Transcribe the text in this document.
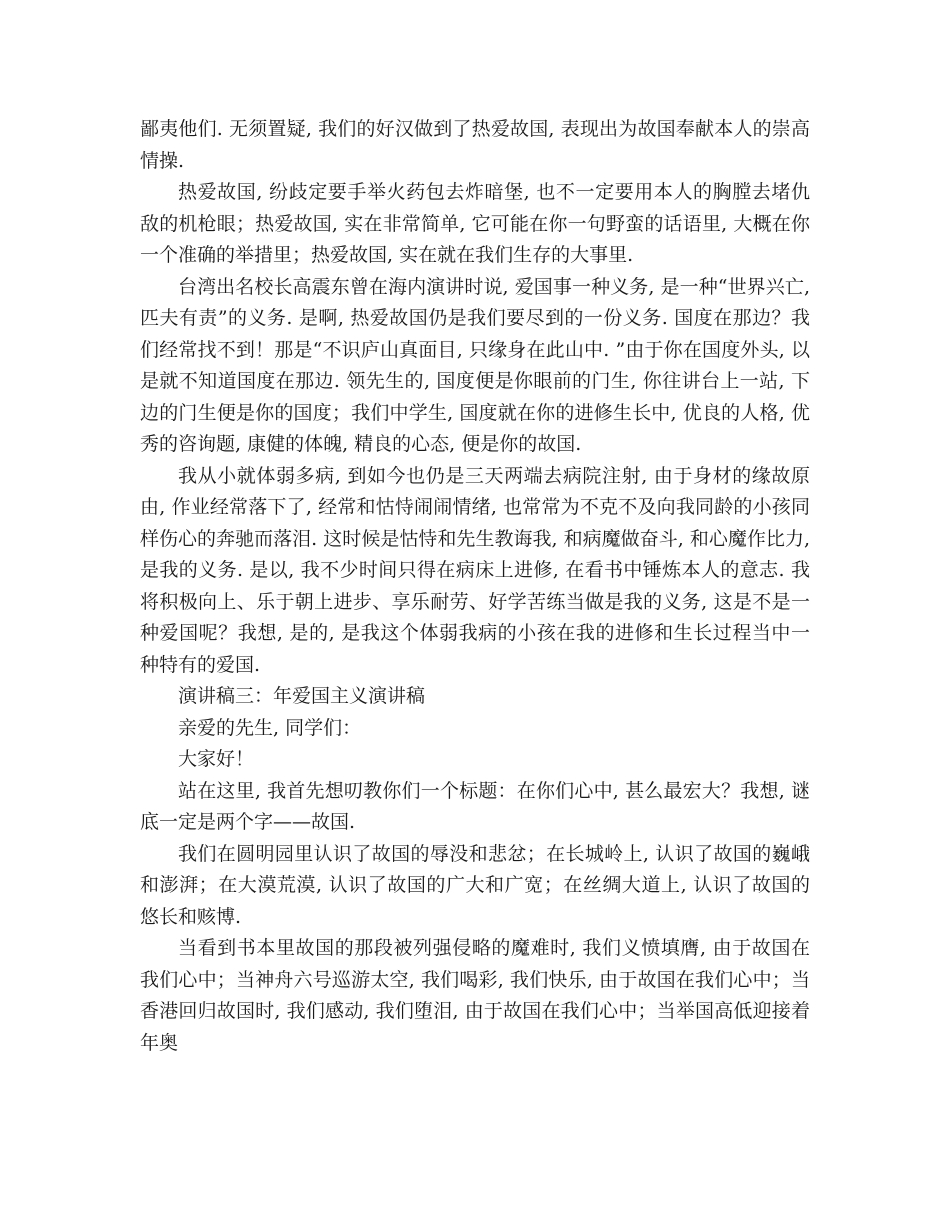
鄙夷他们. 无须置疑, 我们的好汉做到了热爱故国, 表现出为故国奉献本人的崇高情操.

热爱故国, 纷歧定要手举火药包去炸暗堡, 也不一定要用本人的胸膛去堵仇敌的机枪眼；热爱故国, 实在非常简单, 它可能在你一句野蛮的话语里, 大概在你一个准确的举措里；热爱故国, 实在就在我们生存的大事里.

台湾出名校长高震东曾在海内演讲时说, 爱国事一种义务, 是一种“世界兴亡, 匹夫有责”的义务. 是啊, 热爱故国仍是我们要尽到的一份义务. 国度在那边？我们经常找不到！那是“不识庐山真面目, 只缘身在此山中. ”由于你在国度外头, 以是就不知道国度在那边. 领先生的, 国度便是你眼前的门生, 你往讲台上一站, 下边的门生便是你的国度；我们中学生, 国度就在你的进修生长中, 优良的人格, 优秀的咨询题, 康健的体魄, 精良的心态, 便是你的故国.

我从小就体弱多病, 到如今也仍是三天两端去病院注射, 由于身材的缘故原由, 作业经常落下了, 经常和怙恃闹闹情绪, 也常常为不克不及向我同龄的小孩同样伤心的奔驰而落泪. 这时候是怙恃和先生教诲我, 和病魔做奋斗, 和心魔作比力, 是我的义务. 是以, 我不少时间只得在病床上进修, 在看书中锤炼本人的意志. 我将积极向上、乐于朝上进步、享乐耐劳、好学苦练当做是我的义务, 这是不是一种爱国呢？我想, 是的, 是我这个体弱我病的小孩在我的进修和生长过程当中一种特有的爱国.

演讲稿三：年爱国主义演讲稿

亲爱的先生, 同学们：

大家好！

站在这里, 我首先想叨教你们一个标题：在你们心中, 甚么最宏大？我想, 谜底一定是两个字——故国.

我们在圆明园里认识了故国的辱没和悲忿；在长城岭上, 认识了故国的巍峨和澎湃；在大漠荒漠, 认识了故国的广大和广宽；在丝绸大道上, 认识了故国的悠长和赅博.

当看到书本里故国的那段被列强侵略的魔难时, 我们义愤填膺, 由于故国在我们心中；当神舟六号巡游太空, 我们喝彩, 我们快乐, 由于故国在我们心中；当香港回归故国时, 我们感动, 我们堕泪, 由于故国在我们心中；当举国高低迎接着年奥
